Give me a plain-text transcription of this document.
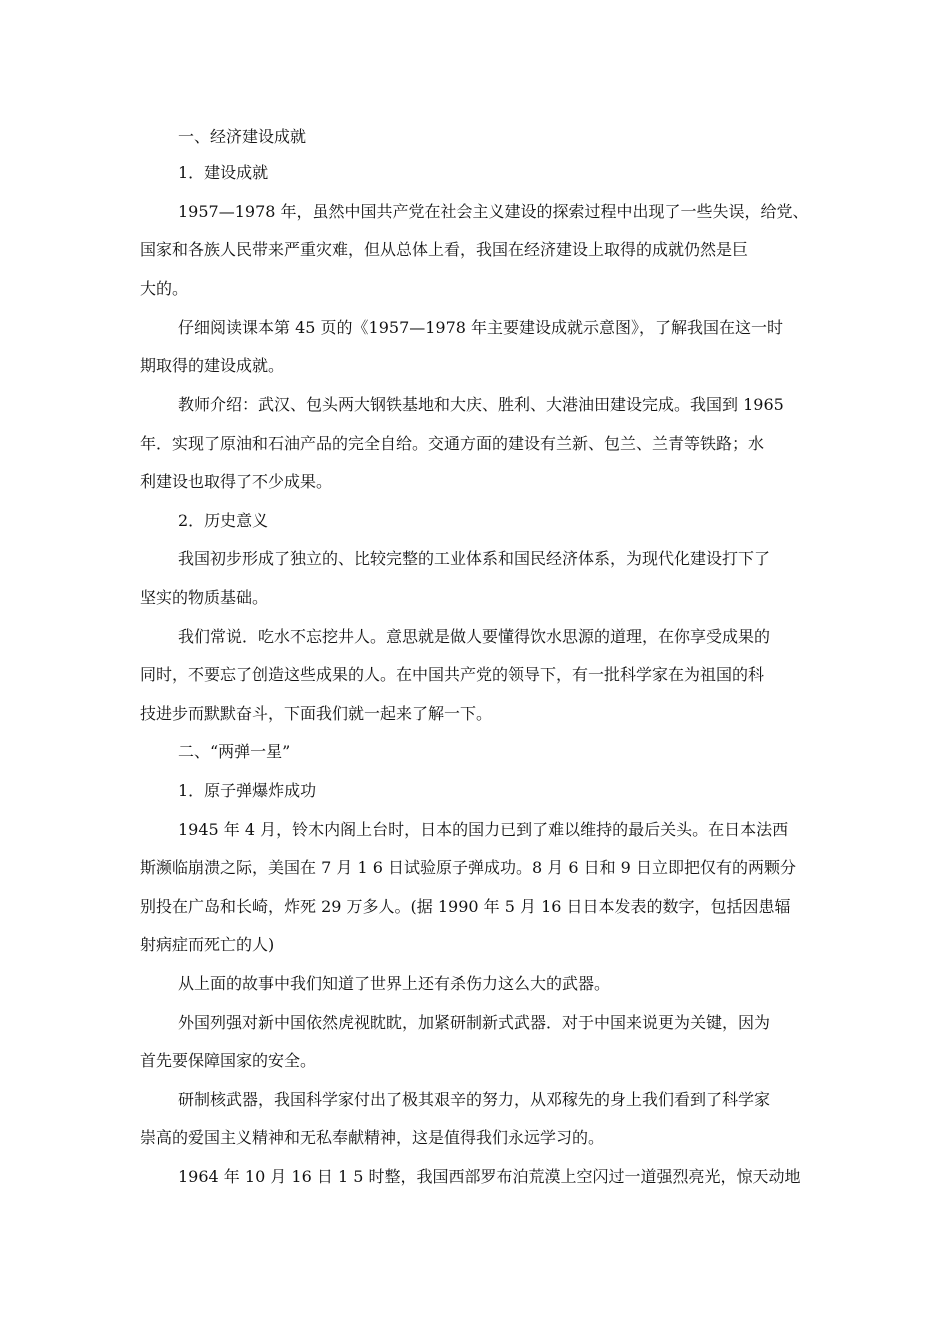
一、经济建设成就
1．建设成就
1957—1978 年，虽然中国共产党在社会主义建设的探索过程中出现了一些失误，给党、
国家和各族人民带来严重灾难，但从总体上看，我国在经济建设上取得的成就仍然是巨
大的。
仔细阅读课本第 45 页的《1957—1978 年主要建设成就示意图》，了解我国在这一时
期取得的建设成就。
教师介绍：武汉、包头两大钢铁基地和大庆、胜利、大港油田建设完成。我国到 1965
年．实现了原油和石油产品的完全自给。交通方面的建设有兰新、包兰、兰青等铁路；水
利建设也取得了不少成果。
2．历史意义
我国初步形成了独立的、比较完整的工业体系和国民经济体系，为现代化建设打下了
坚实的物质基础。
我们常说．吃水不忘挖井人。意思就是做人要懂得饮水思源的道理，在你享受成果的
同时，不要忘了创造这些成果的人。在中国共产党的领导下，有一批科学家在为祖国的科
技进步而默默奋斗，下面我们就一起来了解一下。
二、“两弹一星”
1．原子弹爆炸成功
1945 年 4 月，铃木内阁上台时，日本的国力已到了难以维持的最后关头。在日本法西
斯濒临崩溃之际，美国在 7 月 1 6 日试验原子弹成功。8 月 6 日和 9 日立即把仅有的两颗分
别投在广岛和长崎，炸死 29 万多人。(据 1990 年 5 月 16 日日本发表的数字，包括因患辐
射病症而死亡的人)
从上面的故事中我们知道了世界上还有杀伤力这么大的武器。
外国列强对新中国依然虎视眈眈，加紧研制新式武器．对于中国来说更为关键，因为
首先要保障国家的安全。
研制核武器，我国科学家付出了极其艰辛的努力，从邓稼先的身上我们看到了科学家
崇高的爱国主义精神和无私奉献精神，这是值得我们永远学习的。
1964 年 10 月 16 日 1 5 时整，我国西部罗布泊荒漠上空闪过一道强烈亮光，惊天动地
